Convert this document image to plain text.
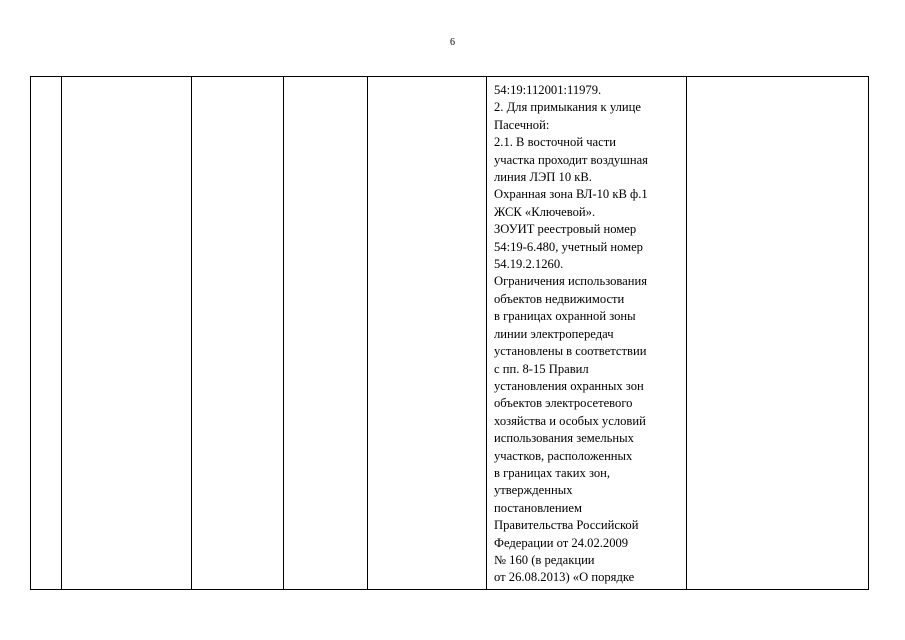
6

54:19:112001:11979.
2. Для примыкания к улице
Пасечной:
2.1. В восточной части
участка проходит воздушная
линия ЛЭП 10 кВ.
Охранная зона ВЛ-10 кВ ф.1
ЖСК «Ключевой».
ЗОУИТ реестровый номер
54:19-6.480, учетный номер
54.19.2.1260.
Ограничения использования
объектов недвижимости
в границах охранной зоны
линии электропередач
установлены в соответствии
с пп. 8-15 Правил
установления охранных зон
объектов электросетевого
хозяйства и особых условий
использования земельных
участков, расположенных
в границах таких зон,
утвержденных
постановлением
Правительства Российской
Федерации от 24.02.2009
№ 160 (в редакции
от 26.08.2013) «О порядке
